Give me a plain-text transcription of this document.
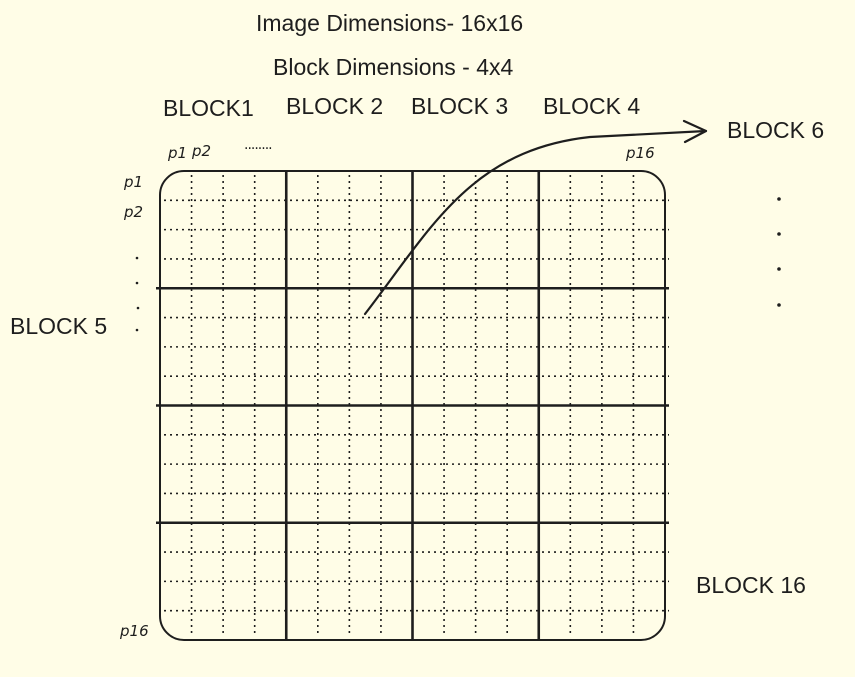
Image Dimensions- 16x16
Block Dimensions - 4x4
BLOCK1 BLOCK 2 BLOCK 3 BLOCK 4
BLOCK 5
BLOCK 6
BLOCK 16
p1 p2 ........	p16
p1
p2
p16
